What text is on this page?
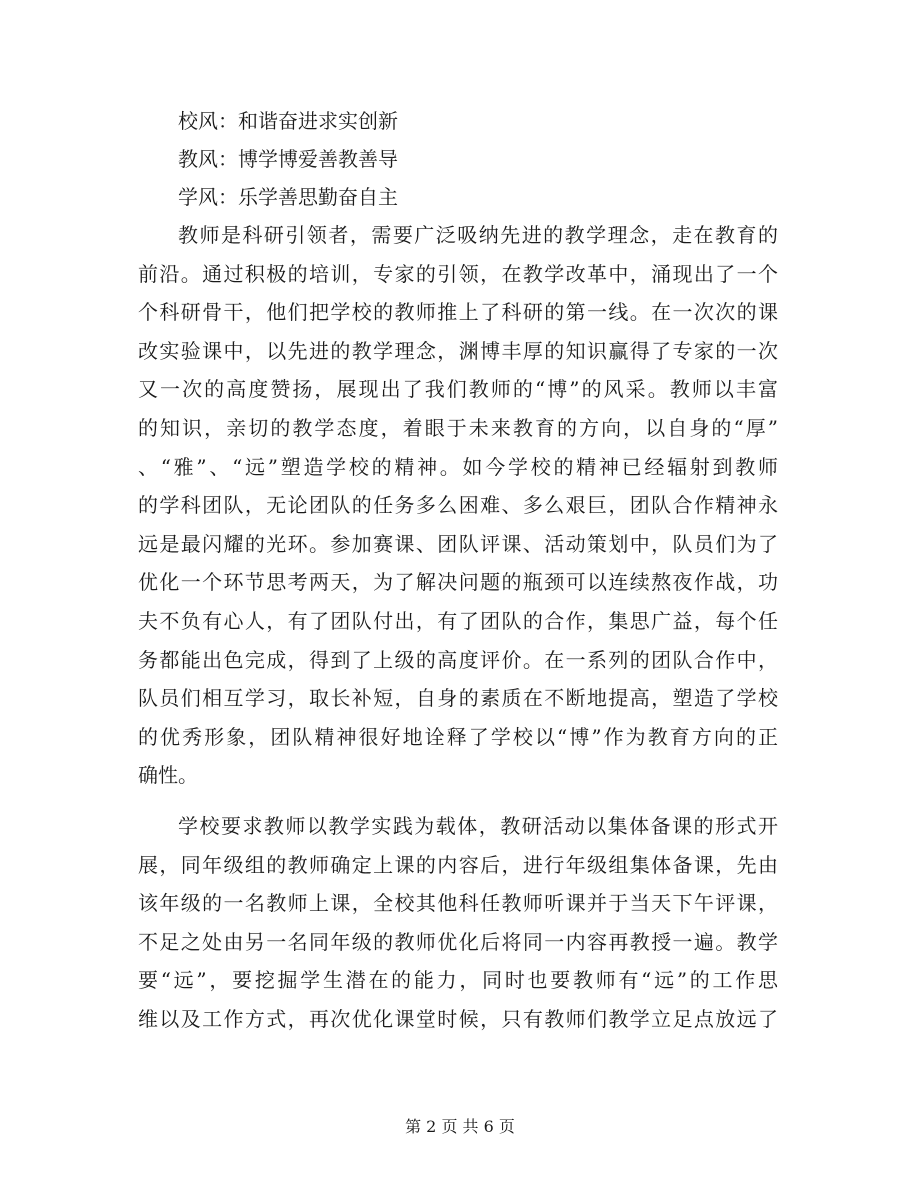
校风：和谐奋进求实创新
教风：博学博爱善教善导
学风：乐学善思勤奋自主
教师是科研引领者，需要广泛吸纳先进的教学理念，走在教育的
前沿。通过积极的培训，专家的引领，在教学改革中，涌现出了一个
个科研骨干，他们把学校的教师推上了科研的第一线。在一次次的课
改实验课中，以先进的教学理念，渊博丰厚的知识赢得了专家的一次
又一次的高度赞扬，展现出了我们教师的“博”的风采。教师以丰富
的知识，亲切的教学态度，着眼于未来教育的方向，以自身的“厚”
、“雅”、“远”塑造学校的精神。如今学校的精神已经辐射到教师
的学科团队，无论团队的任务多么困难、多么艰巨，团队合作精神永
远是最闪耀的光环。参加赛课、团队评课、活动策划中，队员们为了
优化一个环节思考两天，为了解决问题的瓶颈可以连续熬夜作战，功
夫不负有心人，有了团队付出，有了团队的合作，集思广益，每个任
务都能出色完成，得到了上级的高度评价。在一系列的团队合作中，
队员们相互学习，取长补短，自身的素质在不断地提高，塑造了学校
的优秀形象，团队精神很好地诠释了学校以“博”作为教育方向的正
确性。
学校要求教师以教学实践为载体，教研活动以集体备课的形式开
展，同年级组的教师确定上课的内容后，进行年级组集体备课，先由
该年级的一名教师上课，全校其他科任教师听课并于当天下午评课，
不足之处由另一名同年级的教师优化后将同一内容再教授一遍。教学
要“远”，要挖掘学生潜在的能力，同时也要教师有“远”的工作思
维以及工作方式，再次优化课堂时候，只有教师们教学立足点放远了
第 2 页 共 6 页
